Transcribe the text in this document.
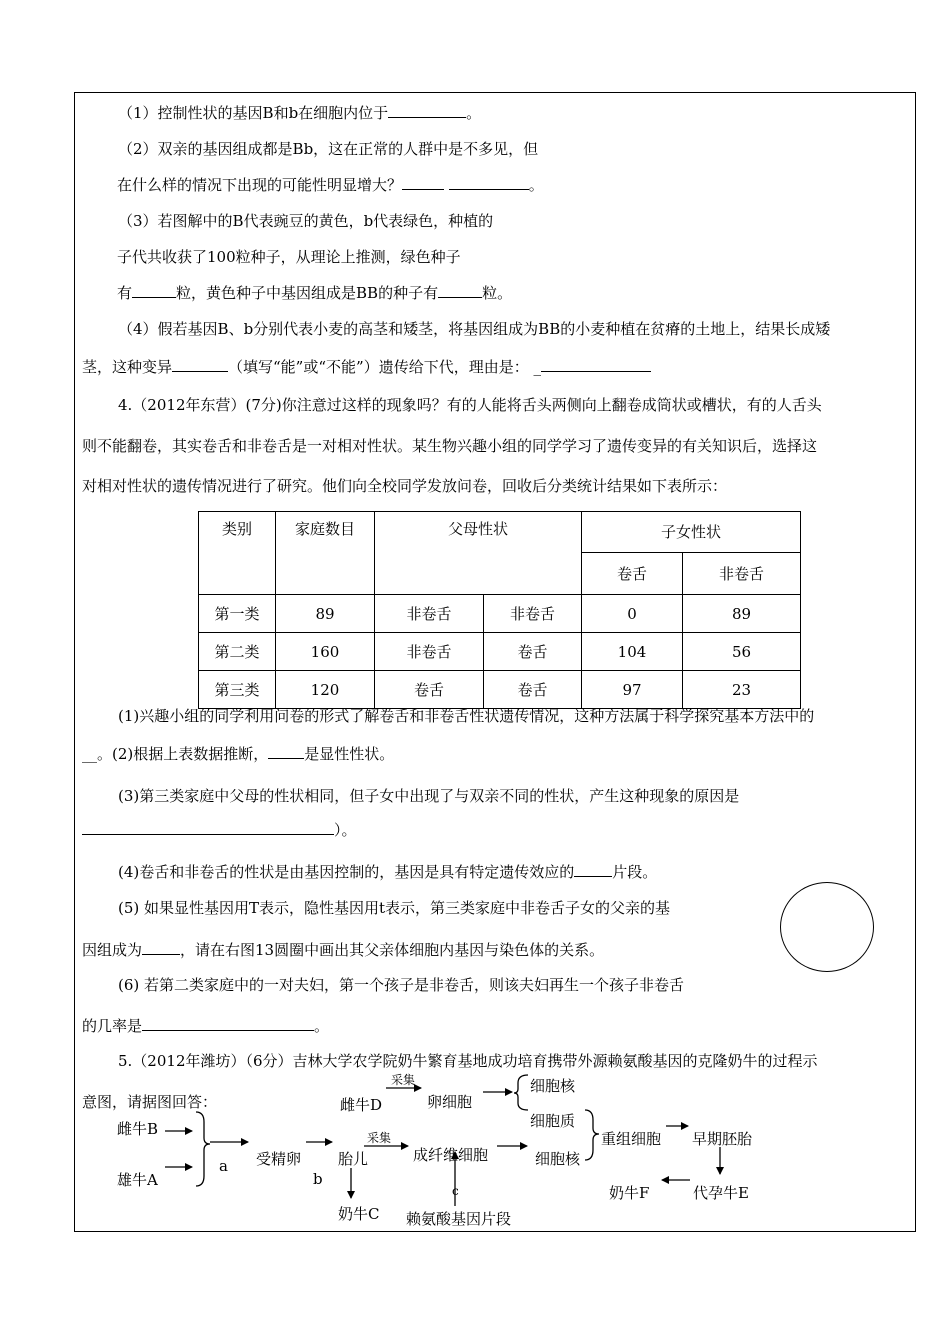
（1）控制性状的基因B和b在细胞内位于	。
（2）双亲的基因组成都是Bb，这在正常的人群中是不多见，但
在什么样的情况下出现的可能性明显增大？	。
（3）若图解中的B代表豌豆的黄色，b代表绿色，种植的
子代共收获了100粒种子，从理论上推测，绿色种子
有	粒，黄色种子中基因组成是BB的种子有	粒。
（4）假若基因B、b分别代表小麦的高茎和矮茎，将基因组成为BB的小麦种植在贫瘠的土地上，结果长成矮
茎，这种变异	（填写“能”或“不能”）遗传给下代，理由是： _
4.（2012年东营）(7分)你注意过这样的现象吗？有的人能将舌头两侧向上翻卷成筒状或槽状，有的人舌头
则不能翻卷，其实卷舌和非卷舌是一对相对性状。某生物兴趣小组的同学学习了遗传变异的有关知识后，选择这
对相对性状的遗传情况进行了研究。他们向全校同学发放问卷，回收后分类统计结果如下表所示：
类别	家庭数目	父母性状		子女性状	
				卷舌	非卷舌
第一类	89	非卷舌	非卷舌	0	89
第二类	160	非卷舌	卷舌	104	56
第三类	120	卷舌	卷舌	97	23
(1)兴趣小组的同学利用问卷的形式了解卷舌和非卷舌性状遗传情况，这种方法属于科学探究基本方法中的
__。(2)根据上表数据推断， 是显性性状。
(3)第三类家庭中父母的性状相同，但子女中出现了与双亲不同的性状，产生这种现象的原因是
）。
(4)卷舌和非卷舌的性状是由基因控制的，基因是具有特定遗传效应的	片段。
(5) 如果显性基因用T表示，隐性基因用t表示，第三类家庭中非卷舌子女的父亲的基
因组成为	，请在右图13圆圈中画出其父亲体细胞内基因与染色体的关系。
(6) 若第二类家庭中的一对夫妇，第一个孩子是非卷舌，则该夫妇再生一个孩子非卷舌
的几率是	。
5.（2012年潍坊）（6分）吉林大学农学院奶牛繁育基地成功培育携带外源赖氨酸基因的克隆奶牛的过程示
意图，请据图回答：
雌牛B
雄牛A
a 受精卵
b
胎儿
奶牛C
采集
采集
雌牛D	卵细胞
细胞核
细胞质
成纤维细胞	细胞核
c
赖氨酸基因片段
重组细胞 早期胚胎
代孕牛E
奶牛F
